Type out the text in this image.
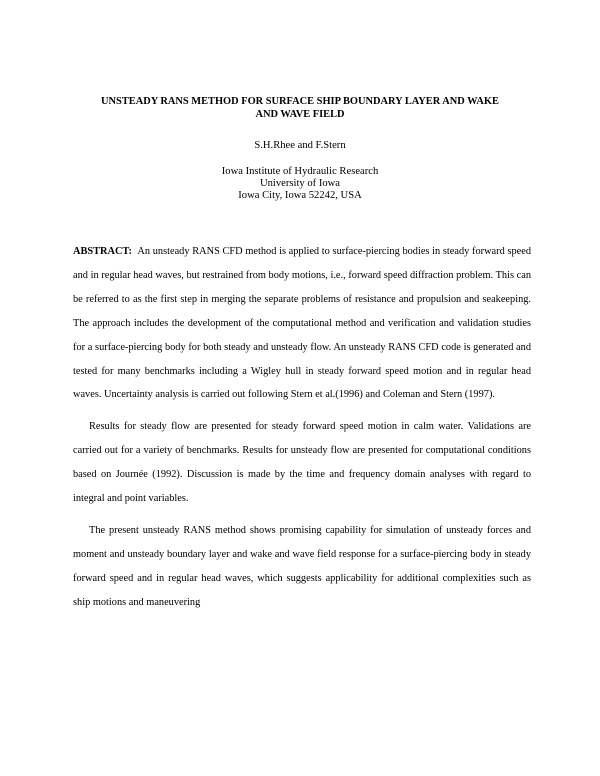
UNSTEADY RANS METHOD FOR SURFACE SHIP BOUNDARY LAYER AND WAKE
AND WAVE FIELD
S.H.Rhee and F.Stern
Iowa Institute of Hydraulic Research
University of Iowa
Iowa City, Iowa 52242, USA

ABSTRACT: An unsteady RANS CFD method is applied to surface-piercing bodies in steady forward speed and in regular head waves, but restrained from body motions, i.e., forward speed diffraction problem. This can be referred to as the first step in merging the separate problems of resistance and propulsion and seakeeping. The approach includes the development of the computational method and verification and validation studies for a surface-piercing body for both steady and unsteady flow. An unsteady RANS CFD code is generated and tested for many benchmarks including a Wigley hull in steady forward speed motion and in regular head waves. Uncertainty analysis is carried out following Stern et al.(1996) and Coleman and Stern (1997).

Results for steady flow are presented for steady forward speed motion in calm water. Validations are carried out for a variety of benchmarks. Results for unsteady flow are presented for computational conditions based on Journée (1992). Discussion is made by the time and frequency domain analyses with regard to integral and point variables.

The present unsteady RANS method shows promising capability for simulation of unsteady forces and moment and unsteady boundary layer and wake and wave field response for a surface-piercing body in steady forward speed and in regular head waves, which suggests applicability for additional complexities such as ship motions and maneuvering
